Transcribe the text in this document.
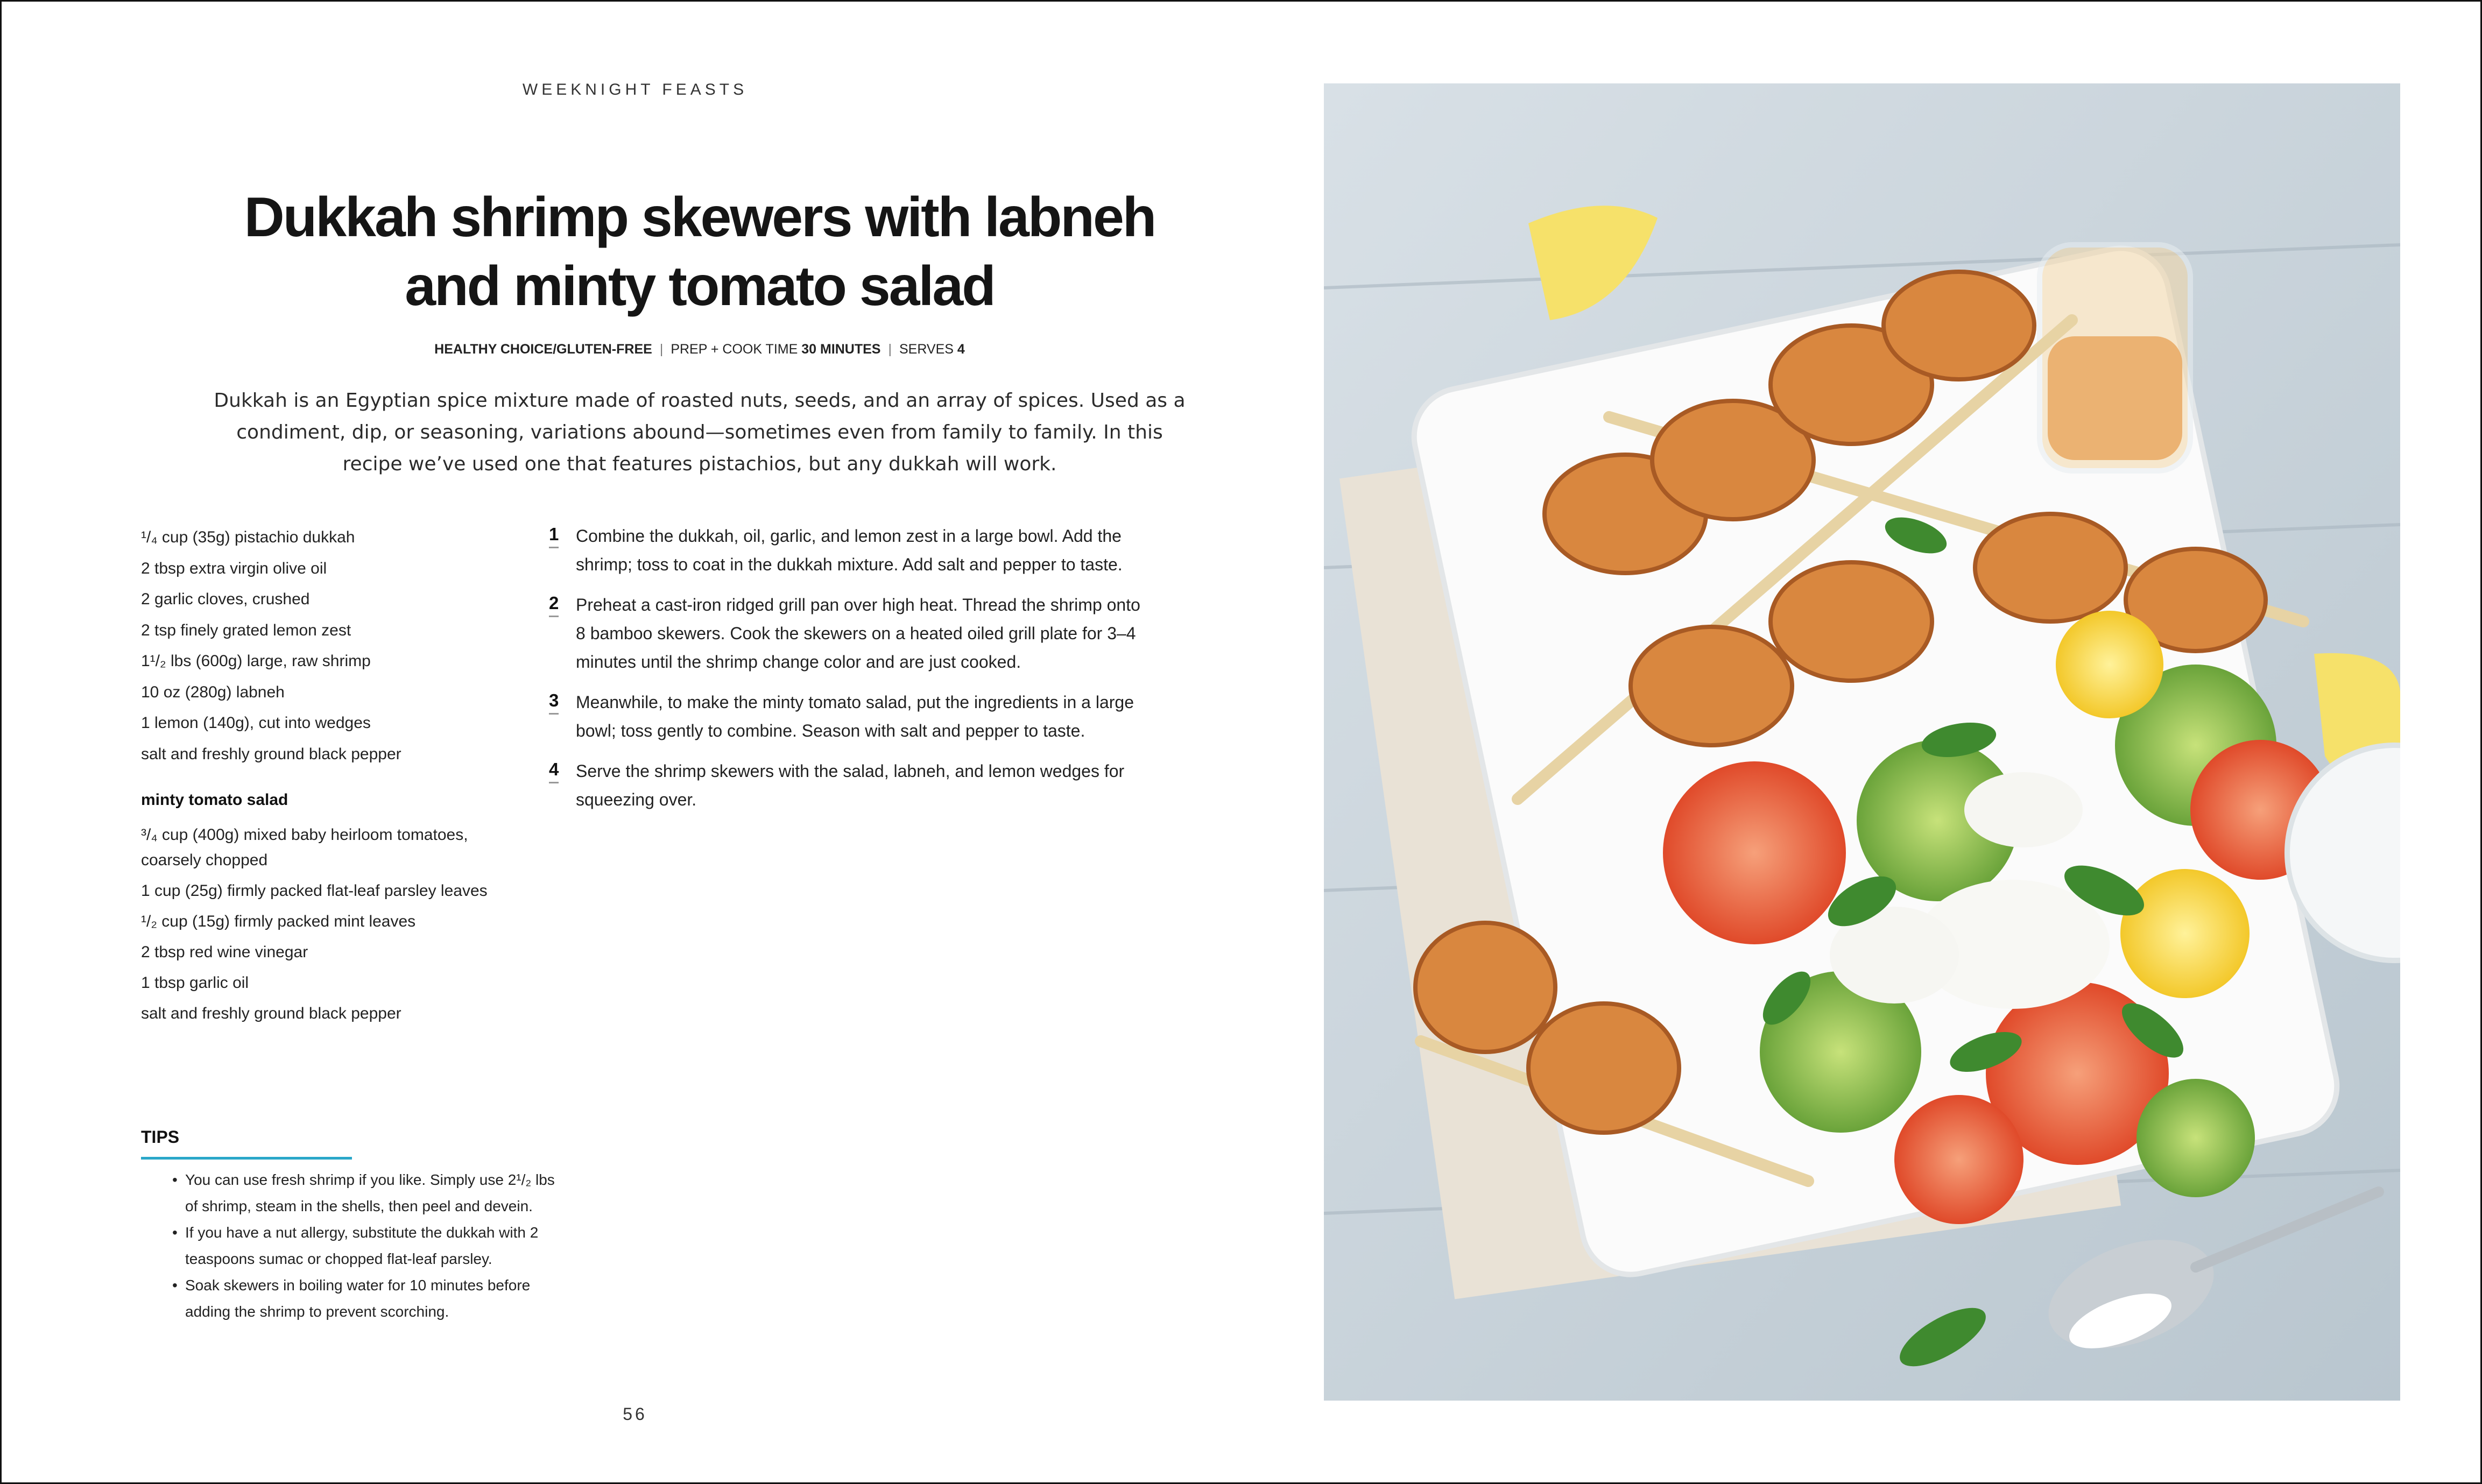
WEEKNIGHT FEASTS
Dukkah shrimp skewers with labneh
and minty tomato salad
HEALTHY CHOICE/GLUTEN-FREE | PREP + COOK TIME 30 MINUTES | SERVES 4

Dukkah is an Egyptian spice mixture made of roasted nuts, seeds, and an array of spices. Used as a condiment, dip, or seasoning, variations abound—sometimes even from family to family. In this recipe we’ve used one that features pistachios, but any dukkah will work.

¹/₄ cup (35g) pistachio dukkah
2 tbsp extra virgin olive oil
2 garlic cloves, crushed
2 tsp finely grated lemon zest
1¹/₂ lbs (600g) large, raw shrimp
10 oz (280g) labneh
1 lemon (140g), cut into wedges
salt and freshly ground black pepper
minty tomato salad
³/₄ cup (400g) mixed baby heirloom tomatoes, coarsely chopped
1 cup (25g) firmly packed flat-leaf parsley leaves
¹/₂ cup (15g) firmly packed mint leaves
2 tbsp red wine vinegar
1 tbsp garlic oil
salt and freshly ground black pepper
1 Combine the dukkah, oil, garlic, and lemon zest in a large bowl. Add the shrimp; toss to coat in the dukkah mixture. Add salt and pepper to taste.
2 Preheat a cast-iron ridged grill pan over high heat. Thread the shrimp onto 8 bamboo skewers. Cook the skewers on a heated oiled grill plate for 3–4 minutes until the shrimp change color and are just cooked.
3 Meanwhile, to make the minty tomato salad, put the ingredients in a large bowl; toss gently to combine. Season with salt and pepper to taste.
4 Serve the shrimp skewers with the salad, labneh, and lemon wedges for squeezing over.
TIPS
• You can use fresh shrimp if you like. Simply use 2¹/₂ lbs of shrimp, steam in the shells, then peel and devein.
• If you have a nut allergy, substitute the dukkah with 2 teaspoons sumac or chopped flat-leaf parsley.
• Soak skewers in boiling water for 10 minutes before adding the shrimp to prevent scorching.
56
